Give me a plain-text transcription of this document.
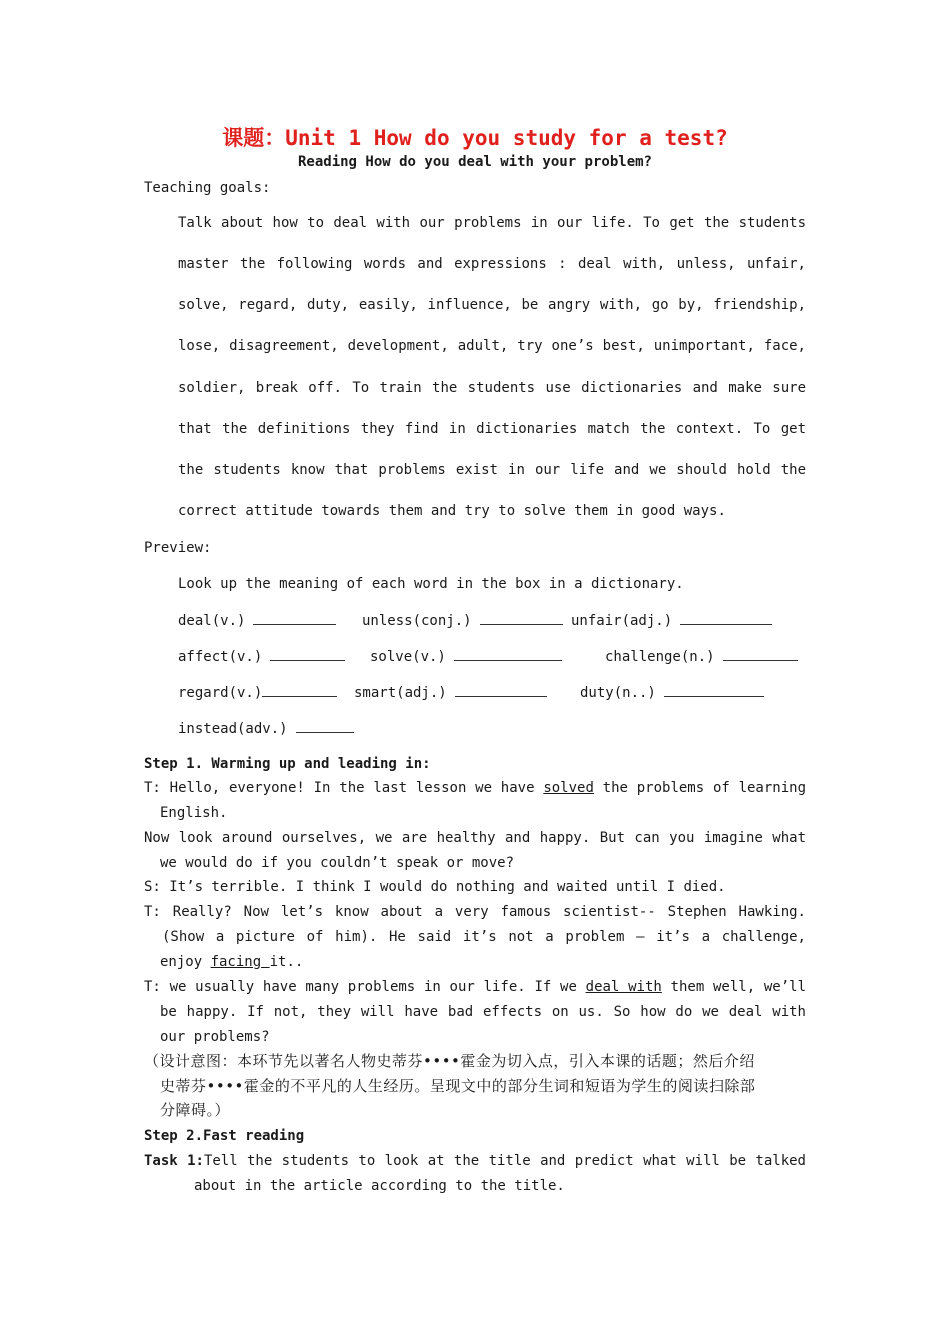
课题：Unit 1 How do you study for a test?
Reading How do you deal with your problem?
Teaching goals:
Talk about how to deal with our problems in our life. To get the students
master the following words and expressions : deal with, unless, unfair,
solve, regard, duty, easily, influence, be angry with, go by, friendship,
lose, disagreement, development, adult, try one’s best, unimportant, face,
soldier, break off. To train the students use dictionaries and make sure
that the definitions they find in dictionaries match the context. To get
the students know that problems exist in our life and we should hold the
correct attitude towards them and try to solve them in good ways.
Preview:
Look up the meaning of each word in the box in a dictionary.
deal(v.)	unless(conj.)	unfair(adj.)
affect(v.)	solve(v.)	challenge(n.)
regard(v.)	smart(adj.)	duty(n..)
instead(adv.)
Step 1. Warming up and leading in:
T: Hello, everyone! In the last lesson we have solved the problems of learning
English.
Now look around ourselves, we are healthy and happy. But can you imagine what
we would do if you couldn’t speak or move?
S: It’s terrible. I think I would do nothing and waited until I died.
T: Really? Now let’s know about a very famous scientist-- Stephen Hawking.
(Show a picture of him). He said it’s not a problem – it’s a challenge,
enjoy facing it..
T: we usually have many problems in our life. If we deal with them well, we’ll
be happy. If not, they will have bad effects on us. So how do we deal with
our problems?
（设计意图：本环节先以著名人物史蒂芬••••霍金为切入点，引入本课的话题；然后介绍
史蒂芬••••霍金的不平凡的人生经历。呈现文中的部分生词和短语为学生的阅读扫除部
分障碍。）
Step 2.Fast reading
Task 1:Tell the students to look at the title and predict what will be talked
about in the article according to the title.
